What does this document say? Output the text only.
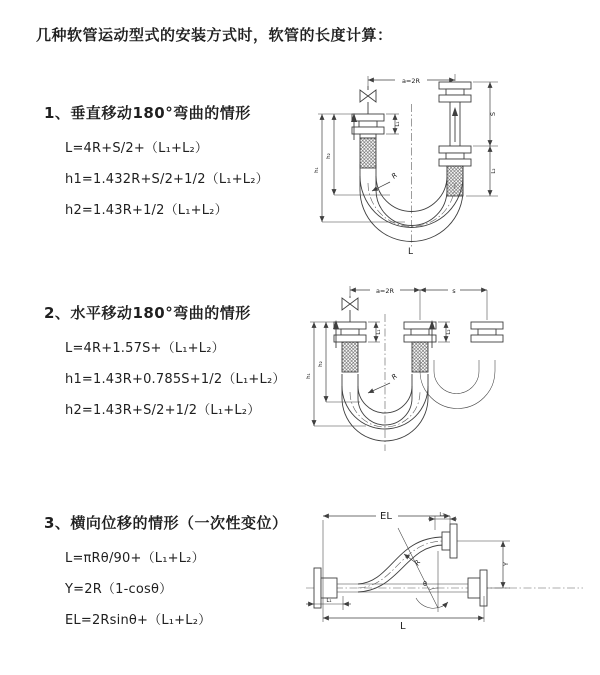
几种软管运动型式的安装方式时，软管的长度计算：
1、垂直移动180°弯曲的情形
L=4R+S/2+（L₁+L₂）
h1=1.432R+S/2+1/2（L₁+L₂）
h2=1.43R+1/2（L₁+L₂）
2、水平移动180°弯曲的情形
L=4R+1.57S+（L₁+L₂）
h1=1.43R+0.785S+1/2（L₁+L₂）
h2=1.43R+S/2+1/2（L₁+L₂）
3、横向位移的情形（一次性变位）
L=πRθ/90+（L₁+L₂）
Y=2R（1-cosθ）
EL=2Rsinθ+（L₁+L₂）
a=2R
L₁
S
L₂
h₂
h₁
R
L
a=2R	s
L₁	L₂
h₂
h₁	R
EL	L₂
Y
L
L₁
R
θ
